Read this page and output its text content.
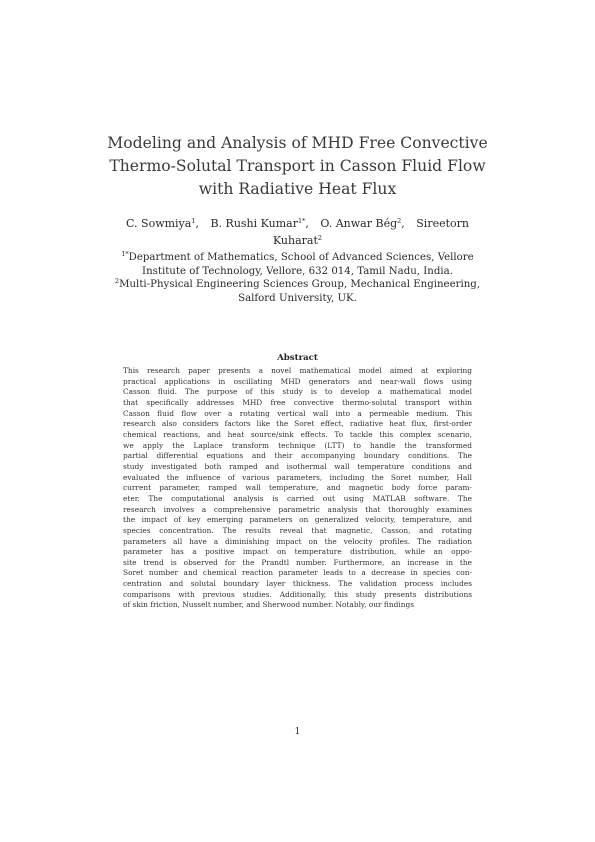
Modeling and Analysis of MHD Free Convective
Thermo-Solutal Transport in Casson Fluid Flow
with Radiative Heat Flux
C. Sowmiya$^1$, B. Rushi Kumar$^{1*}$, O. Anwar Bég$^2$, Sireetorn
Kuharat$^2$
$^{1*}$Department of Mathematics, School of Advanced Sciences, Vellore
Institute of Technology, Vellore, 632 014, Tamil Nadu, India.
$^2$Multi-Physical Engineering Sciences Group, Mechanical Engineering,
Salford University, UK.
Abstract
This research paper presents a novel mathematical model aimed at exploring
practical applications in oscillating MHD generators and near-wall flows using
Casson fluid. The purpose of this study is to develop a mathematical model
that specifically addresses MHD free convective thermo-solutal transport within
Casson fluid flow over a rotating vertical wall into a permeable medium. This
research also considers factors like the Soret effect, radiative heat flux, first-order
chemical reactions, and heat source/sink effects. To tackle this complex scenario,
we apply the Laplace transform technique (LTT) to handle the transformed
partial differential equations and their accompanying boundary conditions. The
study investigated both ramped and isothermal wall temperature conditions and
evaluated the influence of various parameters, including the Soret number, Hall
current parameter, ramped wall temperature, and magnetic body force param-
eter. The computational analysis is carried out using MATLAB software. The
research involves a comprehensive parametric analysis that thoroughly examines
the impact of key emerging parameters on generalized velocity, temperature, and
species concentration. The results reveal that magnetic, Casson, and rotating
parameters all have a diminishing impact on the velocity profiles. The radiation
parameter has a positive impact on temperature distribution, while an oppo-
site trend is observed for the Prandtl number. Furthermore, an increase in the
Soret number and chemical reaction parameter leads to a decrease in species con-
centration and solutal boundary layer thickness. The validation process includes
comparisons with previous studies. Additionally, this study presents distributions
of skin friction, Nusselt number, and Sherwood number. Notably, our findings
1
